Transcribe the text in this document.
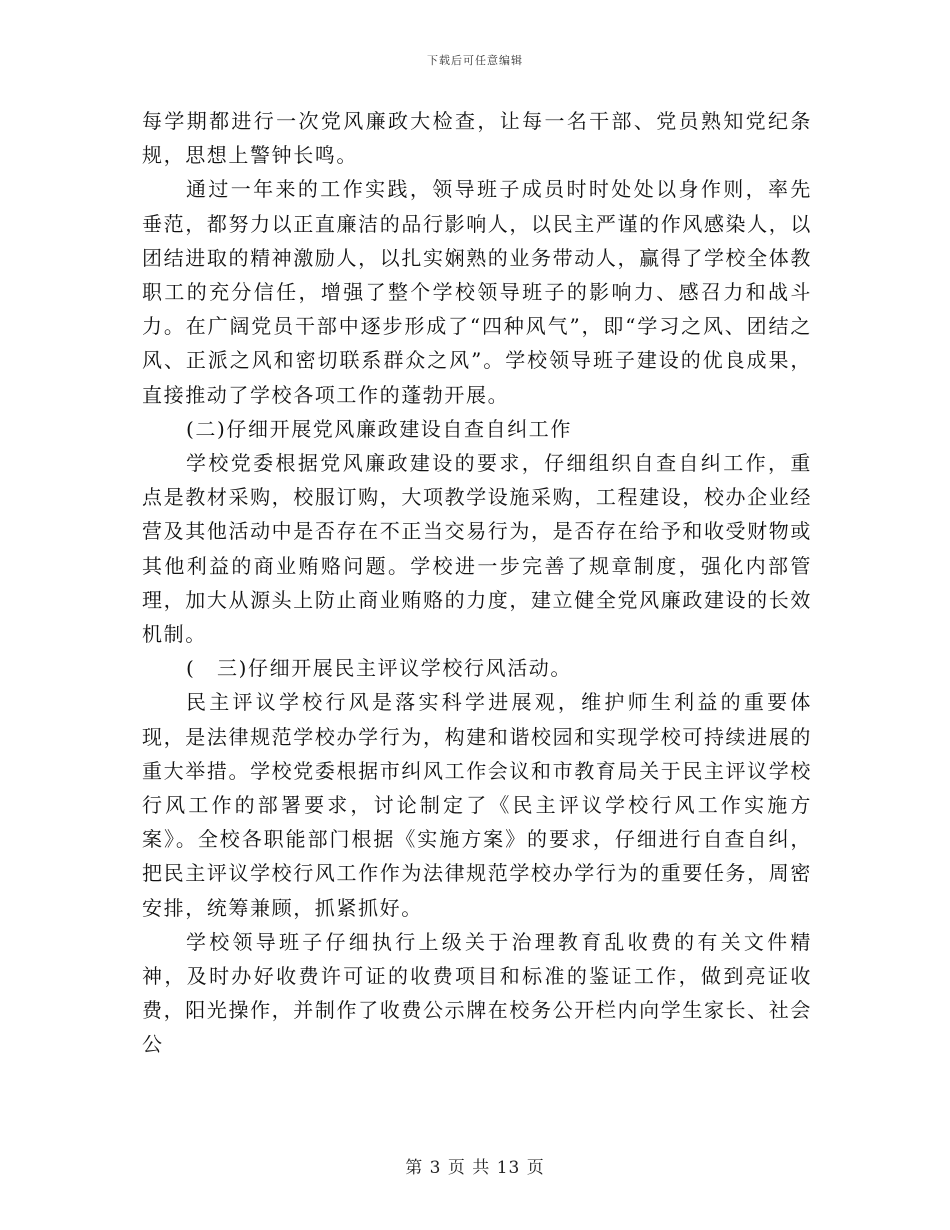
下载后可任意编辑

每学期都进行一次党风廉政大检查，让每一名干部、党员熟知党纪条规，思想上警钟长鸣。

通过一年来的工作实践，领导班子成员时时处处以身作则，率先垂范，都努力以正直廉洁的品行影响人，以民主严谨的作风感染人，以团结进取的精神激励人，以扎实娴熟的业务带动人，赢得了学校全体教职工的充分信任，增强了整个学校领导班子的影响力、感召力和战斗力。在广阔党员干部中逐步形成了“四种风气”，即“学习之风、团结之风、正派之风和密切联系群众之风”。学校领导班子建设的优良成果，直接推动了学校各项工作的蓬勃开展。

(二)仔细开展党风廉政建设自查自纠工作

学校党委根据党风廉政建设的要求，仔细组织自查自纠工作，重点是教材采购，校服订购，大项教学设施采购，工程建设，校办企业经营及其他活动中是否存在不正当交易行为，是否存在给予和收受财物或其他利益的商业贿赂问题。学校进一步完善了规章制度，强化内部管理，加大从源头上防止商业贿赂的力度，建立健全党风廉政建设的长效机制。

(　三)仔细开展民主评议学校行风活动。

民主评议学校行风是落实科学进展观，维护师生利益的重要体现，是法律规范学校办学行为，构建和谐校园和实现学校可持续进展的重大举措。学校党委根据市纠风工作会议和市教育局关于民主评议学校行风工作的部署要求，讨论制定了《民主评议学校行风工作实施方案》。全校各职能部门根据《实施方案》的要求，仔细进行自查自纠，把民主评议学校行风工作作为法律规范学校办学行为的重要任务，周密安排，统筹兼顾，抓紧抓好。

学校领导班子仔细执行上级关于治理教育乱收费的有关文件精神，及时办好收费许可证的收费项目和标准的鉴证工作，做到亮证收费，阳光操作，并制作了收费公示牌在校务公开栏内向学生家长、社会公

第 3 页 共 13 页
